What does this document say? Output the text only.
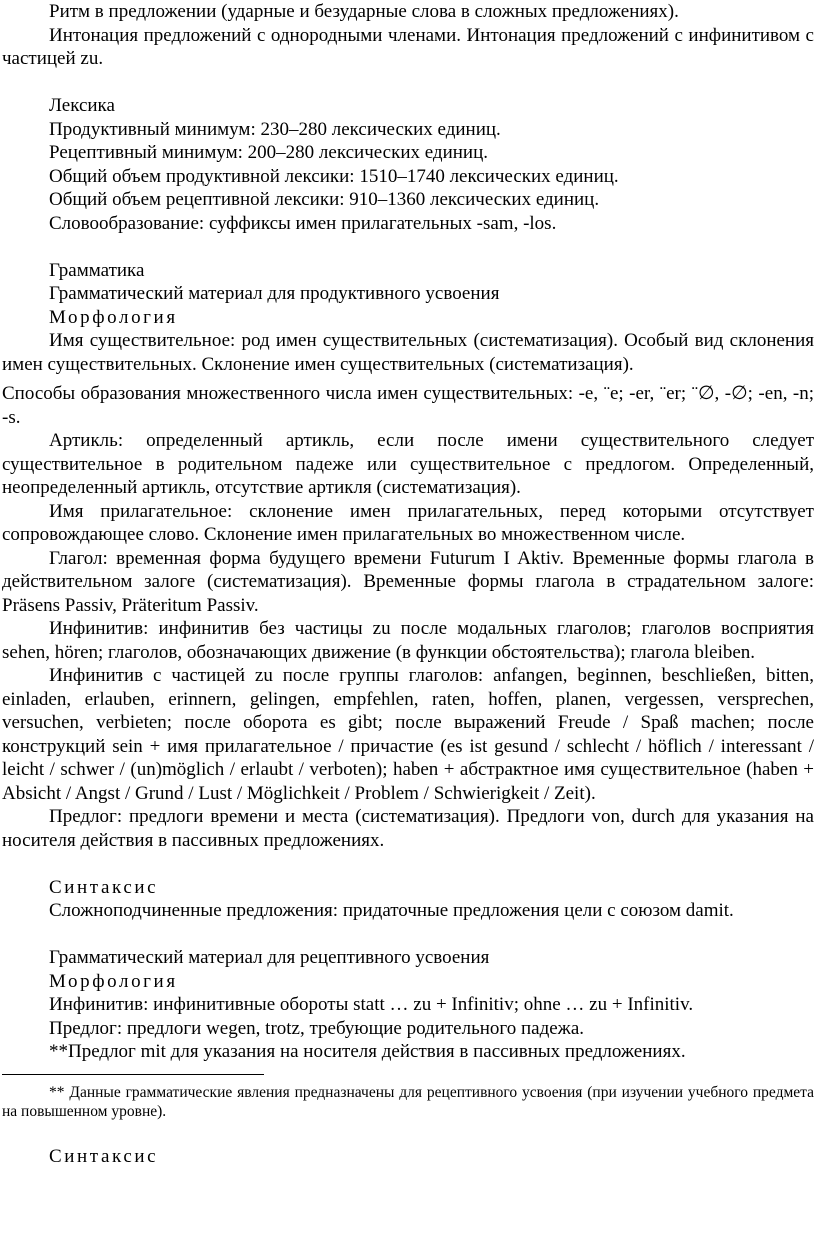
Ритм в предложении (ударные и безударные слова в сложных предложениях).

Интонация предложений с однородными членами. Интонация предложений с инфинитивом с частицей zu.

Лексика

Продуктивный минимум: 230–280 лексических единиц.

Рецептивный минимум: 200–280 лексических единиц.

Общий объем продуктивной лексики: 1510–1740 лексических единиц.

Общий объем рецептивной лексики: 910–1360 лексических единиц.

Словообразование: суффиксы имен прилагательных -sam, -los.

Грамматика

Грамматический материал для продуктивного усвоения

Морфология

Имя существительное: род имен существительных (систематизация). Особый вид склонения имен существительных. Склонение имен существительных (систематизация).

Способы образования множественного числа имен существительных: -e, ¨e; -er, ¨er; ¨∅, -∅; -en, -n; -s.

Артикль: определенный артикль, если после имени существительного следует существительное в родительном падеже или существительное с предлогом. Определенный, неопределенный артикль, отсутствие артикля (систематизация).

Имя прилагательное: склонение имен прилагательных, перед которыми отсутствует сопровождающее слово. Склонение имен прилагательных во множественном числе.

Глагол: временная форма будущего времени Futurum I Aktiv. Временные формы глагола в действительном залоге (систематизация). Временные формы глагола в страдательном залоге: Präsens Passiv, Präteritum Passiv.

Инфинитив: инфинитив без частицы zu после модальных глаголов; глаголов восприятия sehen, hören; глаголов, обозначающих движение (в функции обстоятельства); глагола bleiben.

Инфинитив с частицей zu после группы глаголов: anfangen, beginnen, beschließen, bitten, einladen, erlauben, erinnern, gelingen, empfehlen, raten, hoffen, planen, vergessen, versprechen, versuchen, verbieten; после оборота es gibt; после выражений Freude / Spaß machen; после конструкций sein + имя прилагательное / причастие (es ist gesund / schlecht / höflich / interessant / leicht / schwer / (un)möglich / erlaubt / verboten); haben + абстрактное имя существительное (haben + Absicht / Angst / Grund / Lust / Möglichkeit / Problem / Schwierigkeit / Zeit).

Предлог: предлоги времени и места (систематизация). Предлоги von, durch для указания на носителя действия в пассивных предложениях.

Синтаксис

Сложноподчиненные предложения: придаточные предложения цели с союзом damit.

Грамматический материал для рецептивного усвоения

Морфология

Инфинитив: инфинитивные обороты statt … zu + Infinitiv; ohne … zu + Infinitiv.

Предлог: предлоги wegen, trotz, требующие родительного падежа.

**Предлог mit для указания на носителя действия в пассивных предложениях.

** Данные грамматические явления предназначены для рецептивного усвоения (при изучении учебного предмета на повышенном уровне).

Синтаксис
